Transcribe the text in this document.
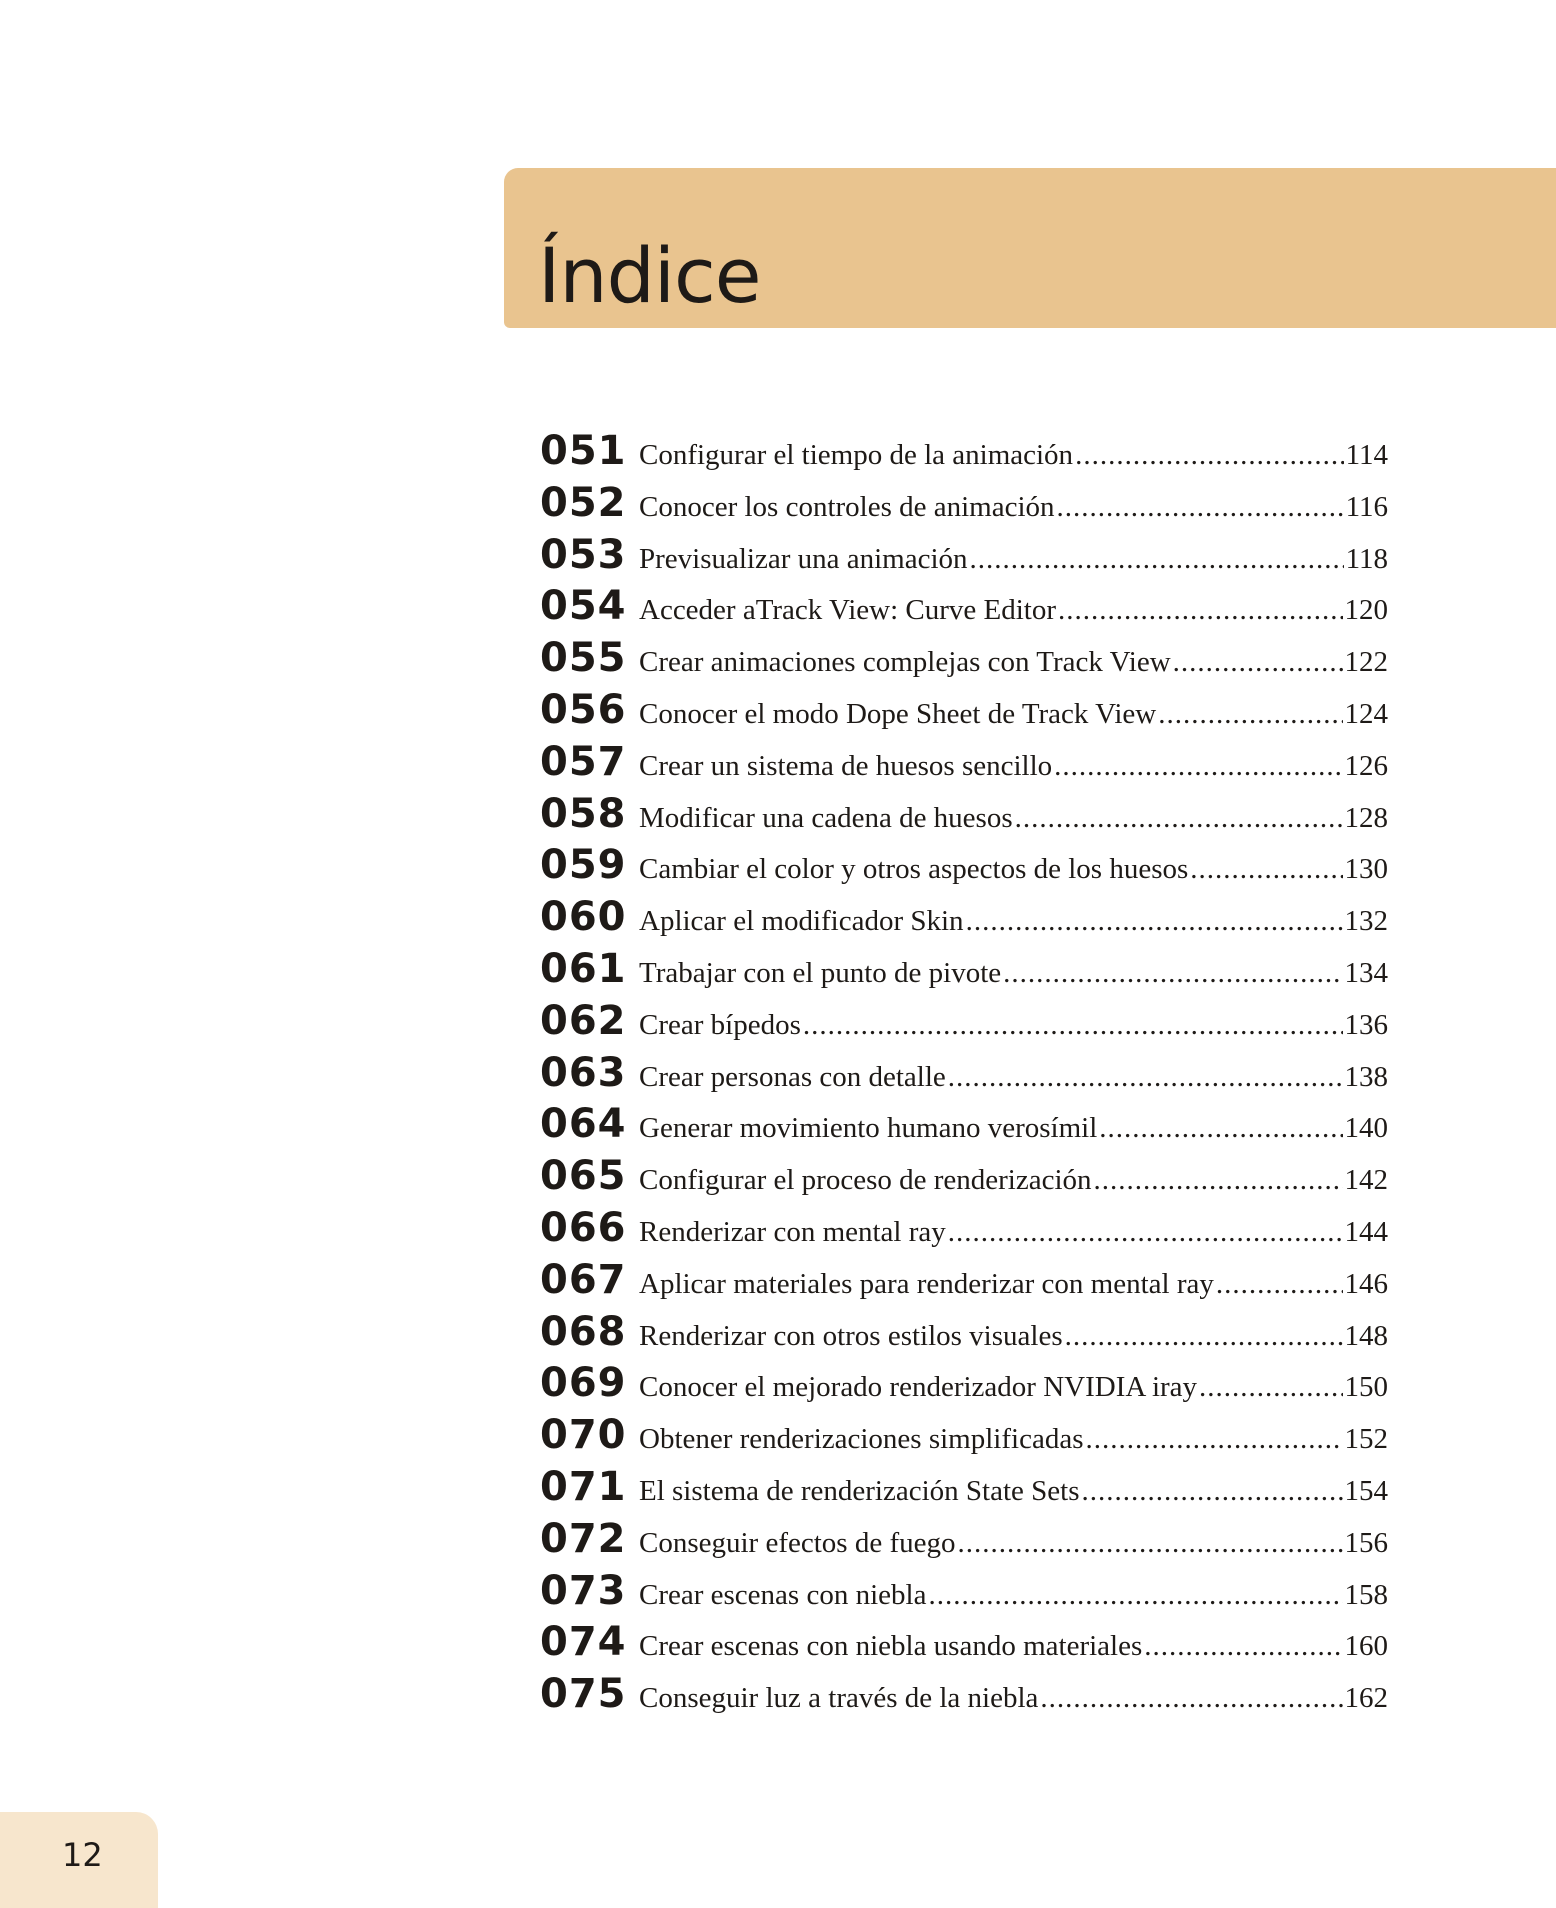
Índice
051 Configurar el tiempo de la animación .....	114
052 Conocer los controles de animación .....	116
053 Previsualizar una animación .....	118
054 Acceder aTrack View: Curve Editor .....	120
055 Crear animaciones complejas con Track View .....	122
056 Conocer el modo Dope Sheet de Track View .....	124
057 Crear un sistema de huesos sencillo .....	126
058 Modificar una cadena de huesos .....	128
059 Cambiar el color y otros aspectos de los huesos .....	130
060 Aplicar el modificador Skin .....	132
061 Trabajar con el punto de pivote .....	134
062 Crear bípedos .....	136
063 Crear personas con detalle .....	138
064 Generar movimiento humano verosímil .....	140
065 Configurar el proceso de renderización .....	142
066 Renderizar con mental ray .....	144
067 Aplicar materiales para renderizar con mental ray .....	146
068 Renderizar con otros estilos visuales .....	148
069 Conocer el mejorado renderizador NVIDIA iray .....	150
070 Obtener renderizaciones simplificadas .....	152
071 El sistema de renderización State Sets .....	154
072 Conseguir efectos de fuego .....	156
073 Crear escenas con niebla .....	158
074 Crear escenas con niebla usando materiales .....	160
075 Conseguir luz a través de la niebla .....	162
12
